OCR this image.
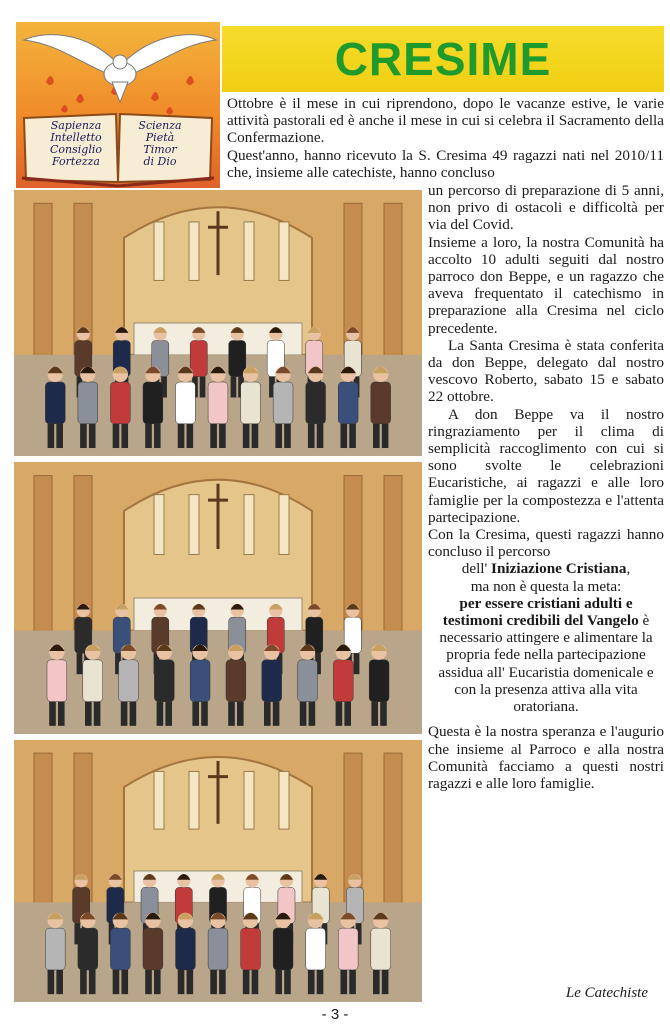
Sapienza
Intelletto
Consiglio
Fortezza
Scienza
Pietà
Timor
di Dio
CRESIME

Ottobre è il mese in cui riprendono, dopo le vacanze estive, le varie attività pastorali ed è anche il mese in cui si celebra il Sacramento della Confermazione.

Quest'anno, hanno ricevuto la S. Cresima 49 ragazzi nati nel 2010/11 che, insieme alle catechiste, hanno concluso

un percorso di preparazione di 5 anni, non privo di ostacoli e difficoltà per via del Covid.

Insieme a loro, la nostra Comunità ha accolto 10 adulti seguiti dal nostro parroco don Beppe, e un ragazzo che aveva frequentato il catechismo in preparazione alla Cresima nel ciclo precedente.

La Santa Cresima è stata conferita da don Beppe, delegato dal nostro vescovo Roberto, sabato 15 e sabato 22 ottobre.

A don Beppe va il nostro ringraziamento per il clima di semplicità raccoglimento con cui si sono svolte le celebrazioni Eucaristiche, ai ragazzi e alle loro famiglie per la compostezza e l'attenta partecipazione.

Con la Cresima, questi ragazzi hanno concluso il percorso

dell' Iniziazione Cristiana,

ma non è questa la meta:

per essere cristiani adulti e testimoni credibili del Vangelo è necessario attingere e alimentare la propria fede nella partecipazione assidua all' Eucaristia domenicale e con la presenza attiva alla vita oratoriana.

Questa è la nostra speranza e l'augurio che insieme al Parroco e alla nostra Comunità facciamo a questi nostri ragazzi e alle loro famiglie.

Le Catechiste
- 3 -
